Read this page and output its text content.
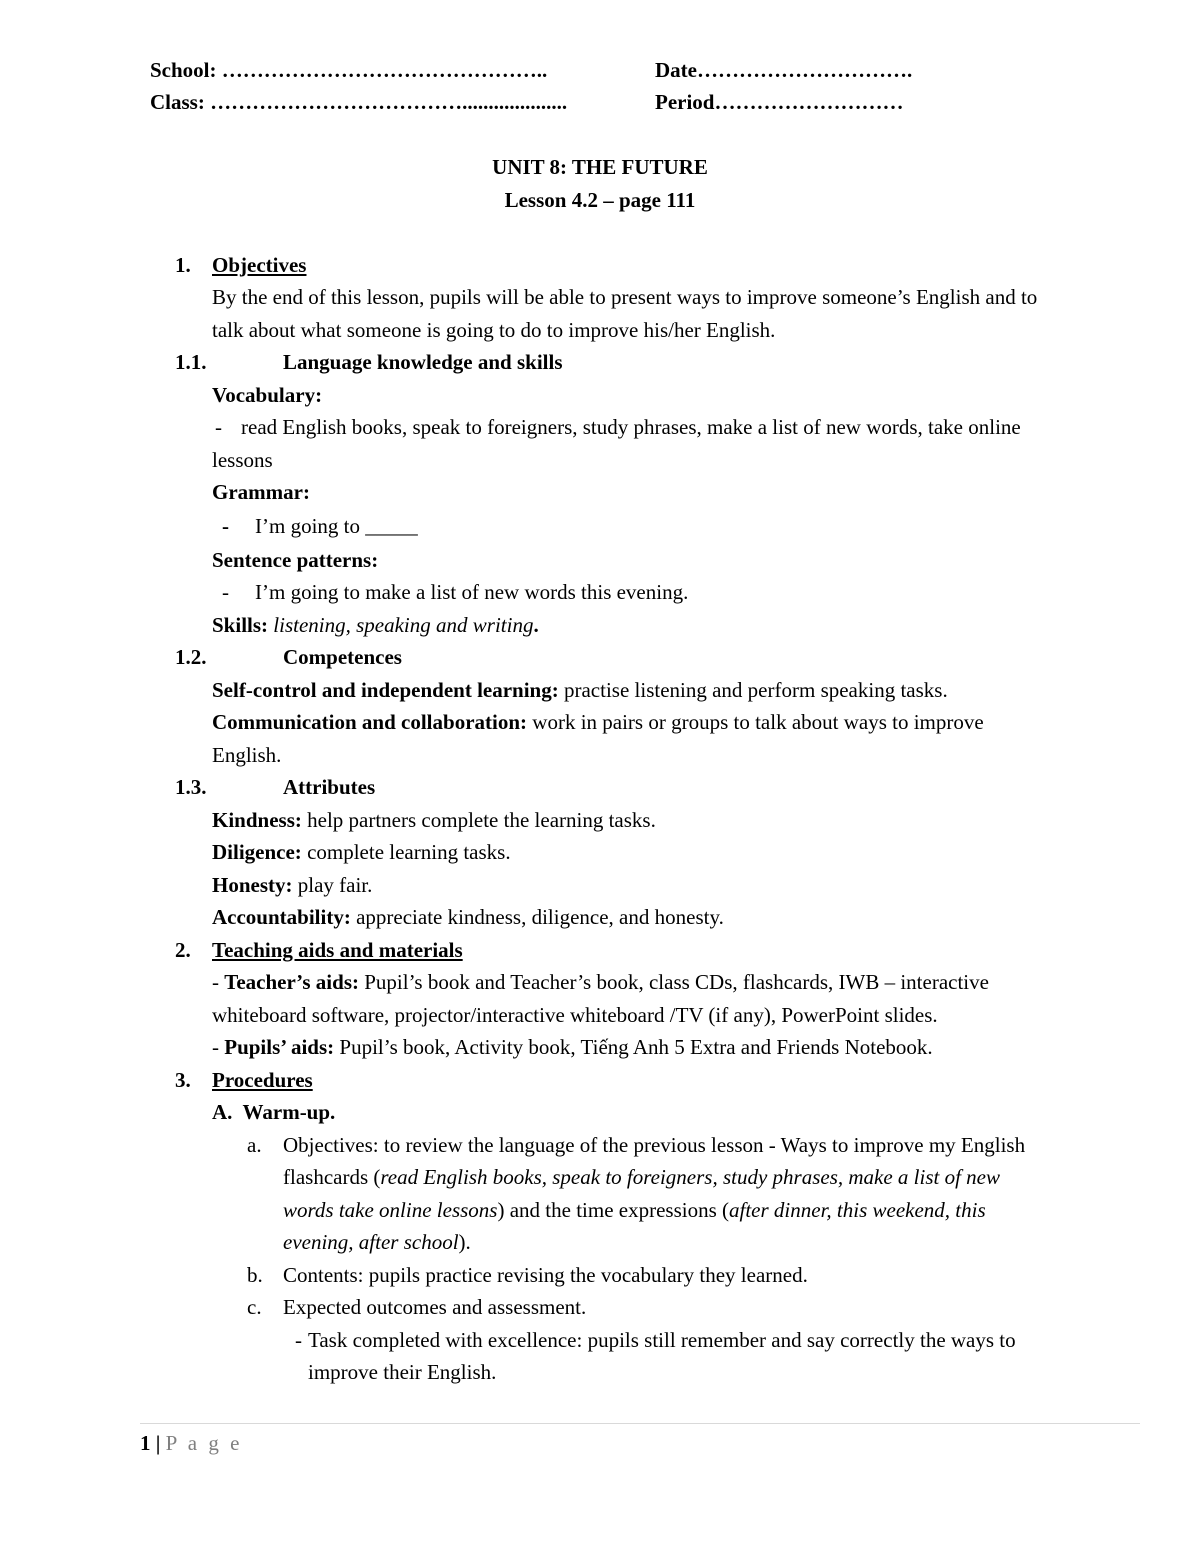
School: ………………………………………..	Date………………………….
Class: ………………………………....................	Period………………………
UNIT 8: THE FUTURE
Lesson 4.2 – page 111
1. Objectives
By the end of this lesson, pupils will be able to present ways to improve someone’s English and to
talk about what someone is going to do to improve his/her English.
1.1.	Language knowledge and skills
Vocabulary:
- read English books, speak to foreigners, study phrases, make a list of new words, take online
lessons
Grammar:
- I’m going to _____
Sentence patterns:
- I’m going to make a list of new words this evening.
Skills: listening, speaking and writing.
1.2.	Competences
Self-control and independent learning: practise listening and perform speaking tasks.
Communication and collaboration: work in pairs or groups to talk about ways to improve
English.
1.3.	Attributes
Kindness: help partners complete the learning tasks.
Diligence: complete learning tasks.
Honesty: play fair.
Accountability: appreciate kindness, diligence, and honesty.
2. Teaching aids and materials
- Teacher’s aids: Pupil’s book and Teacher’s book, class CDs, flashcards, IWB – interactive
whiteboard software, projector/interactive whiteboard /TV (if any), PowerPoint slides.
- Pupils’ aids: Pupil’s book, Activity book, Tiếng Anh 5 Extra and Friends Notebook.
3. Procedures
A.  Warm-up.
a. Objectives: to review the language of the previous lesson - Ways to improve my English
flashcards (read English books, speak to foreigners, study phrases, make a list of new
words take online lessons) and the time expressions (after dinner, this weekend, this
evening, after school).
b. Contents: pupils practice revising the vocabulary they learned.
c. Expected outcomes and assessment.
- Task completed with excellence: pupils still remember and say correctly the ways to
improve their English.
1 | P a g e
